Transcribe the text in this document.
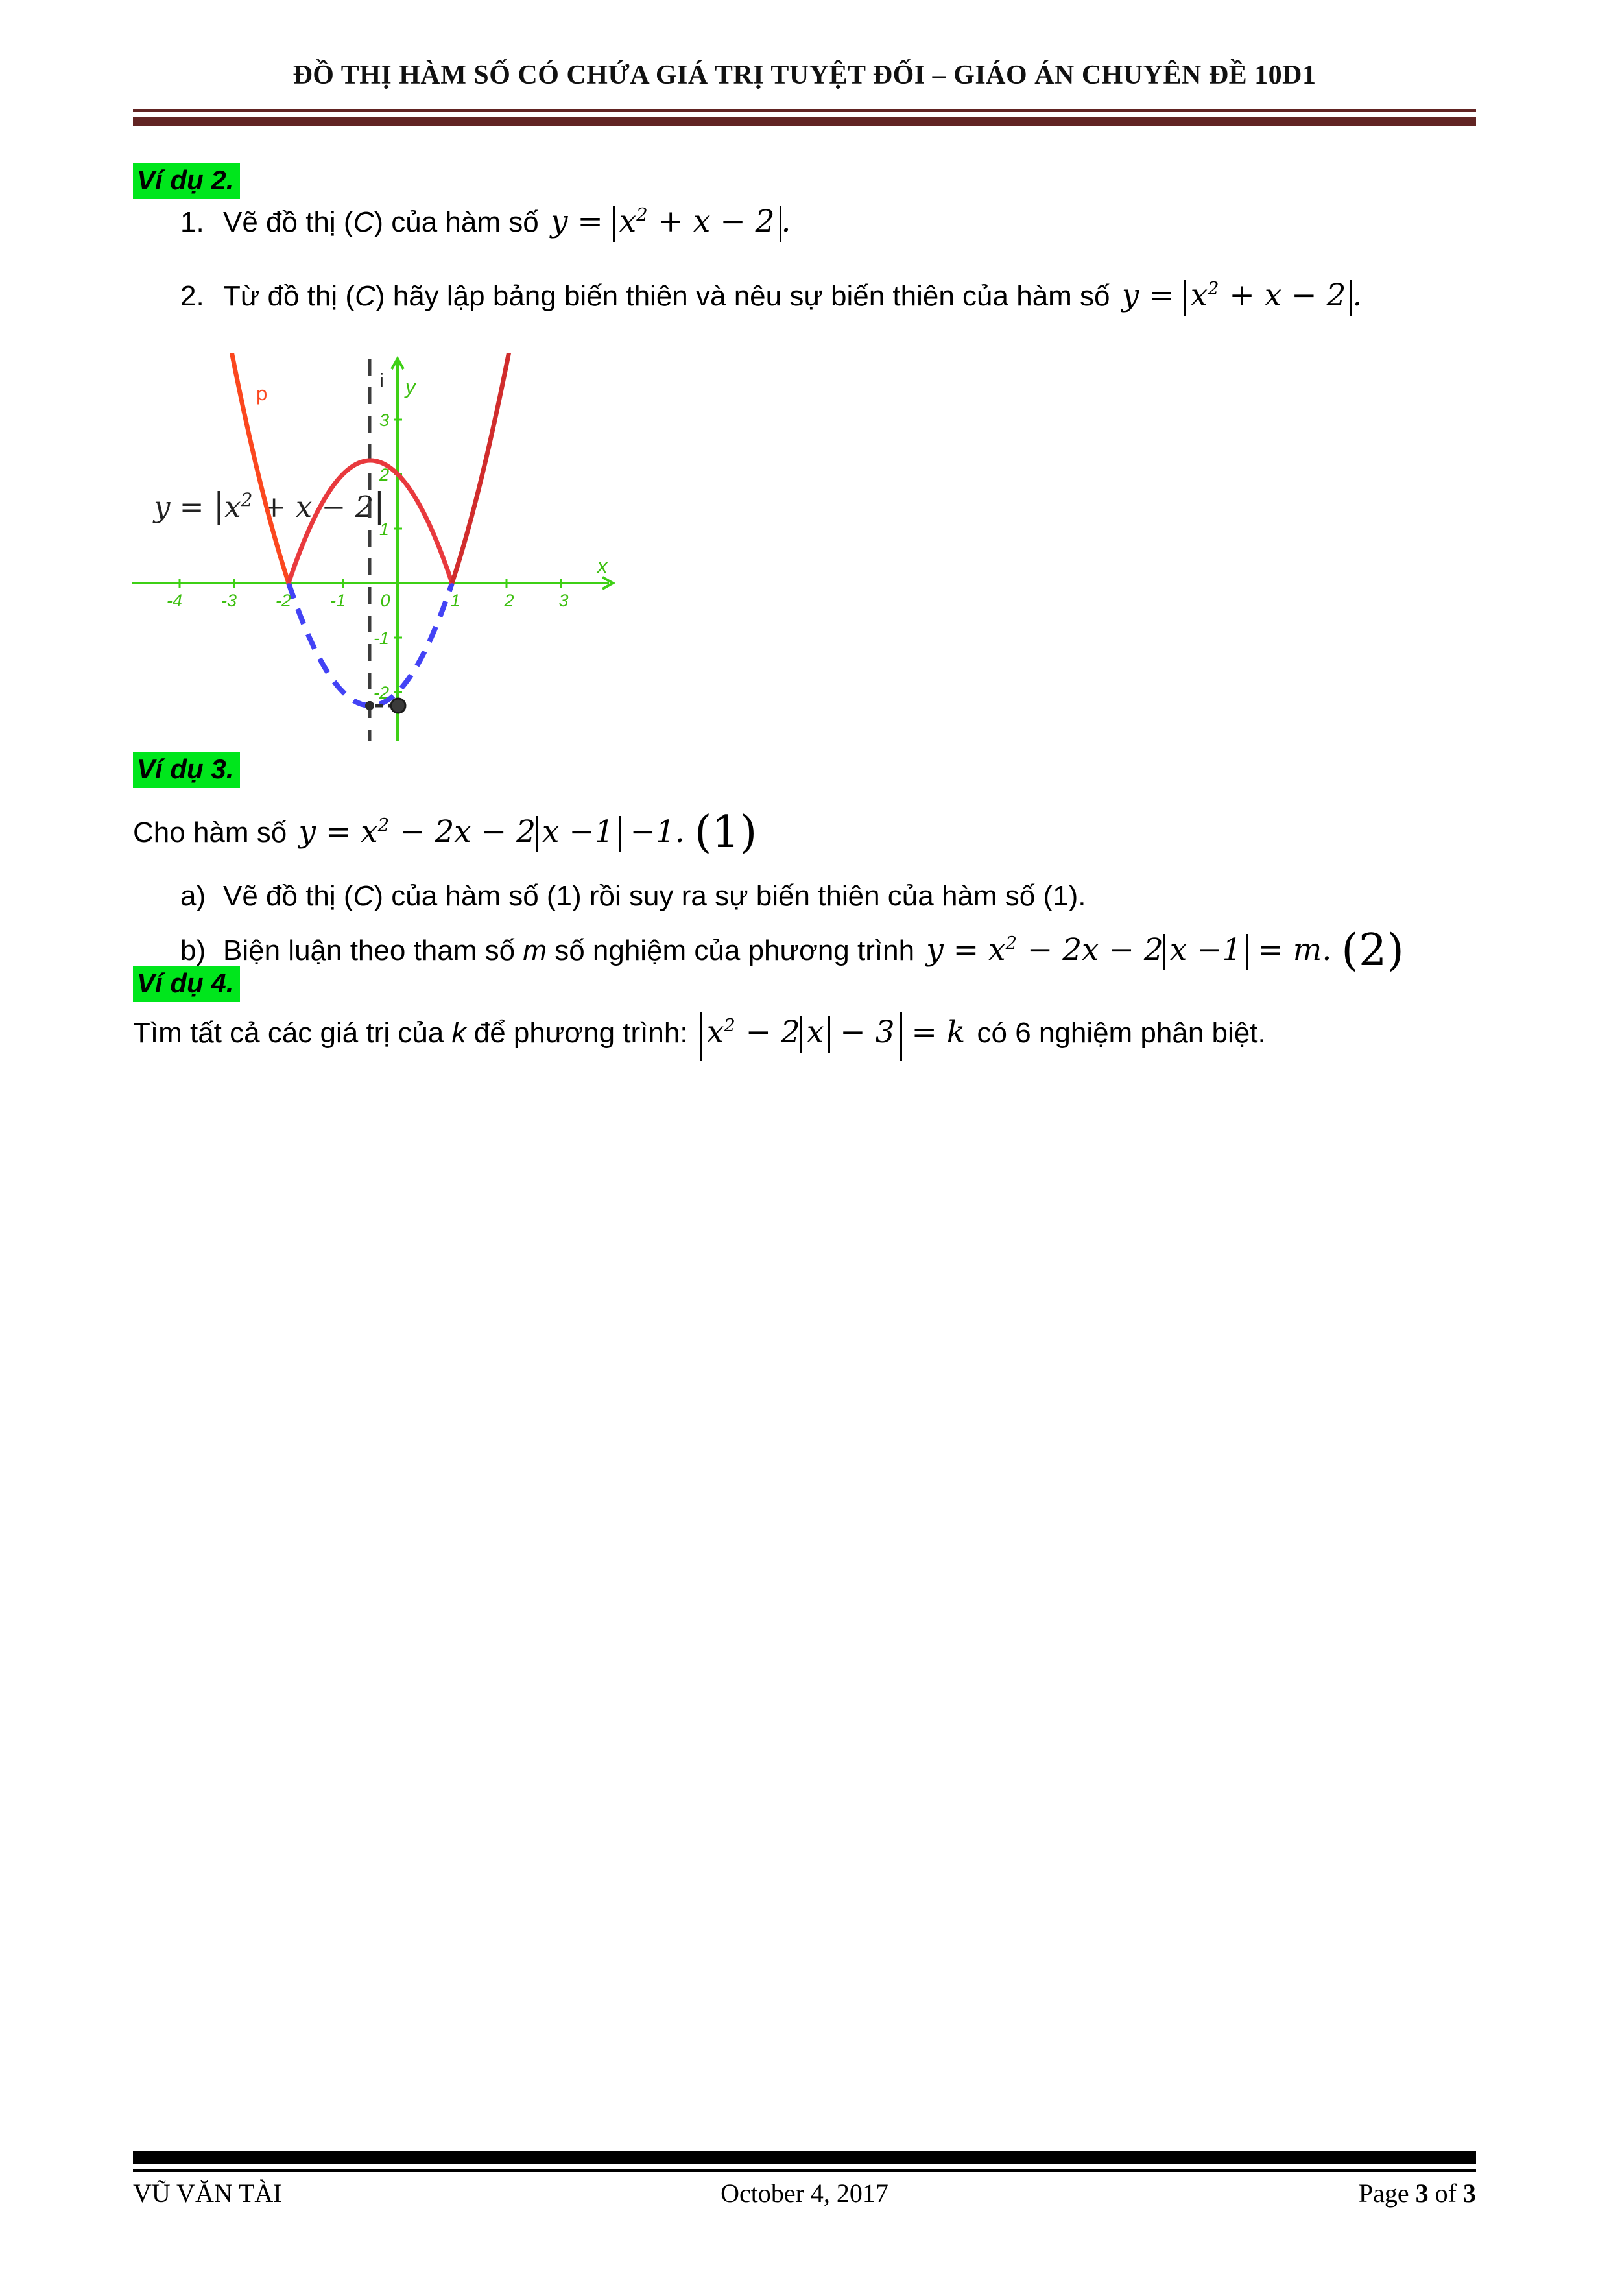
ĐỒ THỊ HÀM SỐ CÓ CHỨA GIÁ TRỊ TUYỆT ĐỐI – GIÁO ÁN CHUYÊN ĐỀ 10D1
Ví dụ 2.
1. Vẽ đồ thị (C) của hàm số y = x2 + x − 2 .
2. Từ đồ thị (C) hãy lập bảng biến thiên và nêu sự biến thiên của hàm số y = x2 + x − 2 .
$y = |x^2 + x - 2|$
-4 -3 -2 -1 0	1	2	3
3
2
1
-1
-2
x
y
p
i
Ví dụ 3.
Cho hàm số y = x2 − 2x − 2 x −1 −1. (1)
a) Vẽ đồ thị (C) của hàm số (1) rồi suy ra sự biến thiên của hàm số (1).
b) Biện luận theo tham số m số nghiệm của phương trình y = x2 − 2x − 2 x −1 = m. (2)
Ví dụ 4.
Tìm tất cả các giá trị của k để phương trình: x2 − 2 x − 3 = k có 6 nghiệm phân biệt.
VŨ VĂN TÀI	October 4, 2017	Page 3 of 3
